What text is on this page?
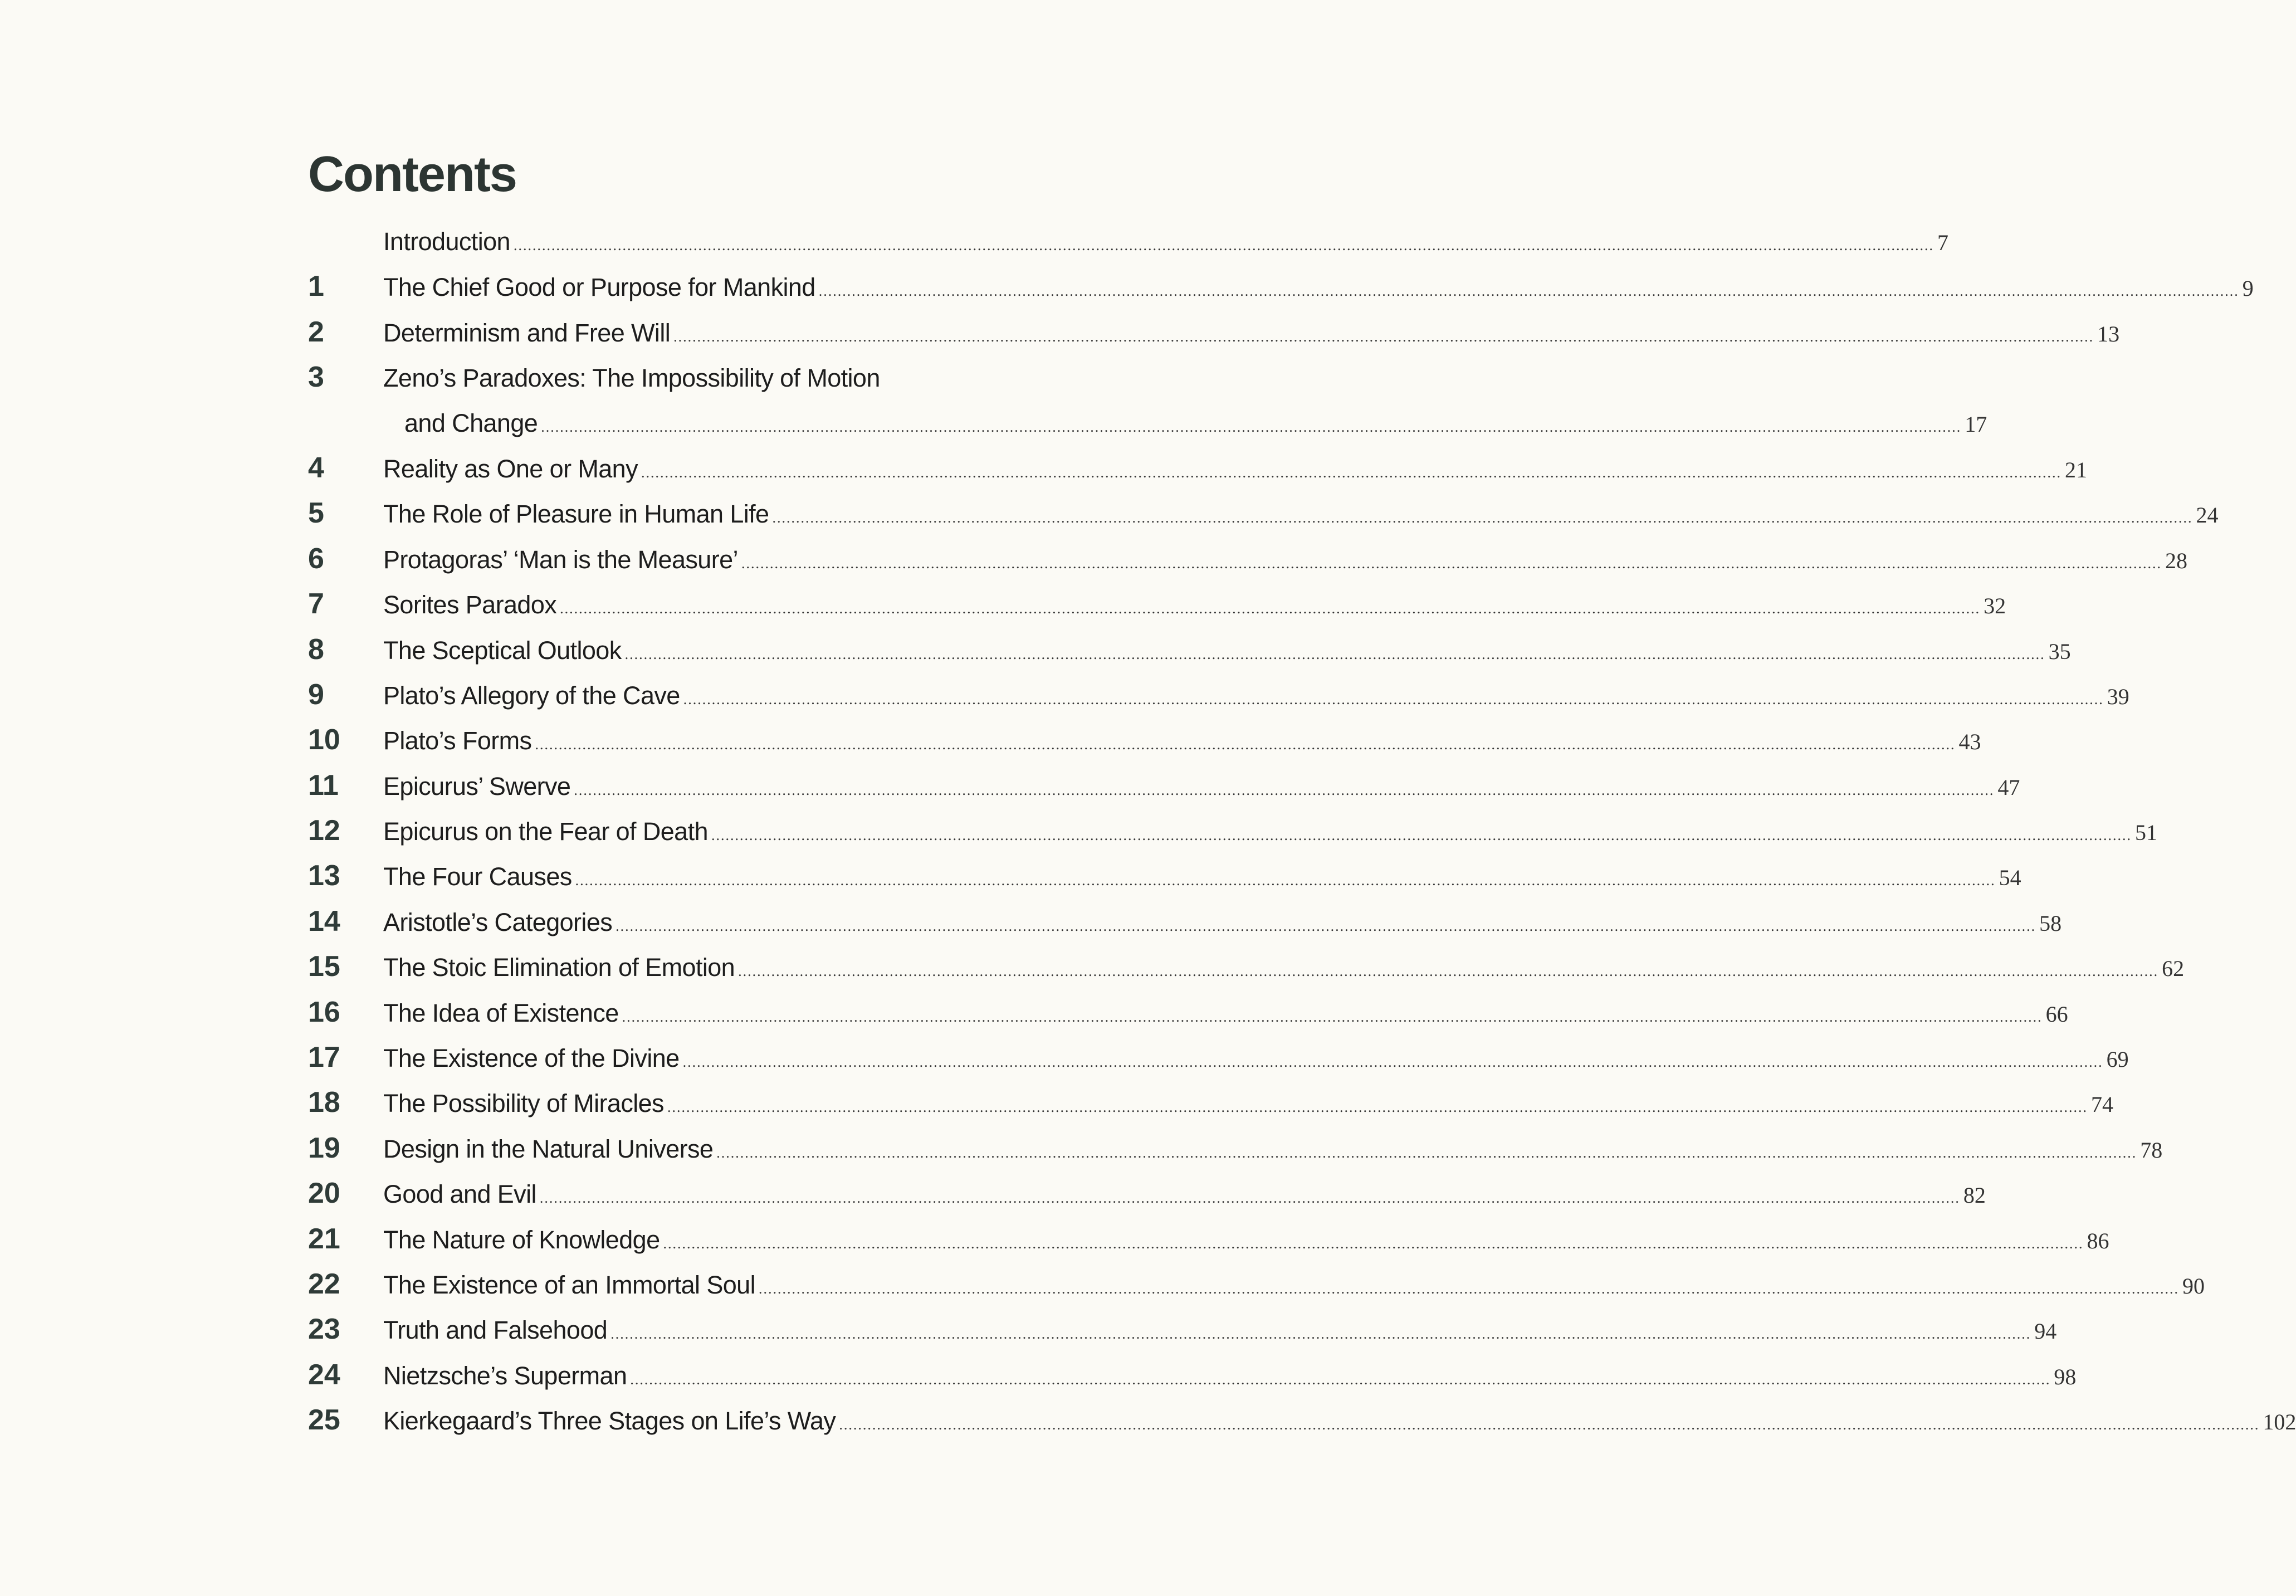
Contents
Introduction ............................................................................................................................................................................................................................................................................................................ 7
1	The Chief Good or Purpose for Mankind ............................................................................................................................................................................................................................................................................................................ 9
2	Determinism and Free Will ............................................................................................................................................................................................................................................................................................................ 13
3	Zeno’s Paradoxes: The Impossibility of Motion
and Change ............................................................................................................................................................................................................................................................................................................ 17
4	Reality as One or Many ............................................................................................................................................................................................................................................................................................................ 21
5	The Role of Pleasure in Human Life ............................................................................................................................................................................................................................................................................................................ 24
6	Protagoras’ ‘Man is the Measure’ ............................................................................................................................................................................................................................................................................................................ 28
7	Sorites Paradox ............................................................................................................................................................................................................................................................................................................ 32
8	The Sceptical Outlook ............................................................................................................................................................................................................................................................................................................ 35
9	Plato’s Allegory of the Cave ............................................................................................................................................................................................................................................................................................................ 39
10	Plato’s Forms ............................................................................................................................................................................................................................................................................................................ 43
11	Epicurus’ Swerve ............................................................................................................................................................................................................................................................................................................ 47
12	Epicurus on the Fear of Death ............................................................................................................................................................................................................................................................................................................ 51
13	The Four Causes ............................................................................................................................................................................................................................................................................................................ 54
14	Aristotle’s Categories ............................................................................................................................................................................................................................................................................................................ 58
15	The Stoic Elimination of Emotion ............................................................................................................................................................................................................................................................................................................ 62
16	The Idea of Existence ............................................................................................................................................................................................................................................................................................................ 66
17	The Existence of the Divine ............................................................................................................................................................................................................................................................................................................ 69
18	The Possibility of Miracles ............................................................................................................................................................................................................................................................................................................ 74
19	Design in the Natural Universe ............................................................................................................................................................................................................................................................................................................ 78
20	Good and Evil ............................................................................................................................................................................................................................................................................................................ 82
21	The Nature of Knowledge ............................................................................................................................................................................................................................................................................................................ 86
22	The Existence of an Immortal Soul ............................................................................................................................................................................................................................................................................................................ 90
23	Truth and Falsehood ............................................................................................................................................................................................................................................................................................................ 94
24	Nietzsche’s Superman ............................................................................................................................................................................................................................................................................................................ 98
25	Kierkegaard’s Three Stages on Life’s Way ............................................................................................................................................................................................................................................................................................................ 102
